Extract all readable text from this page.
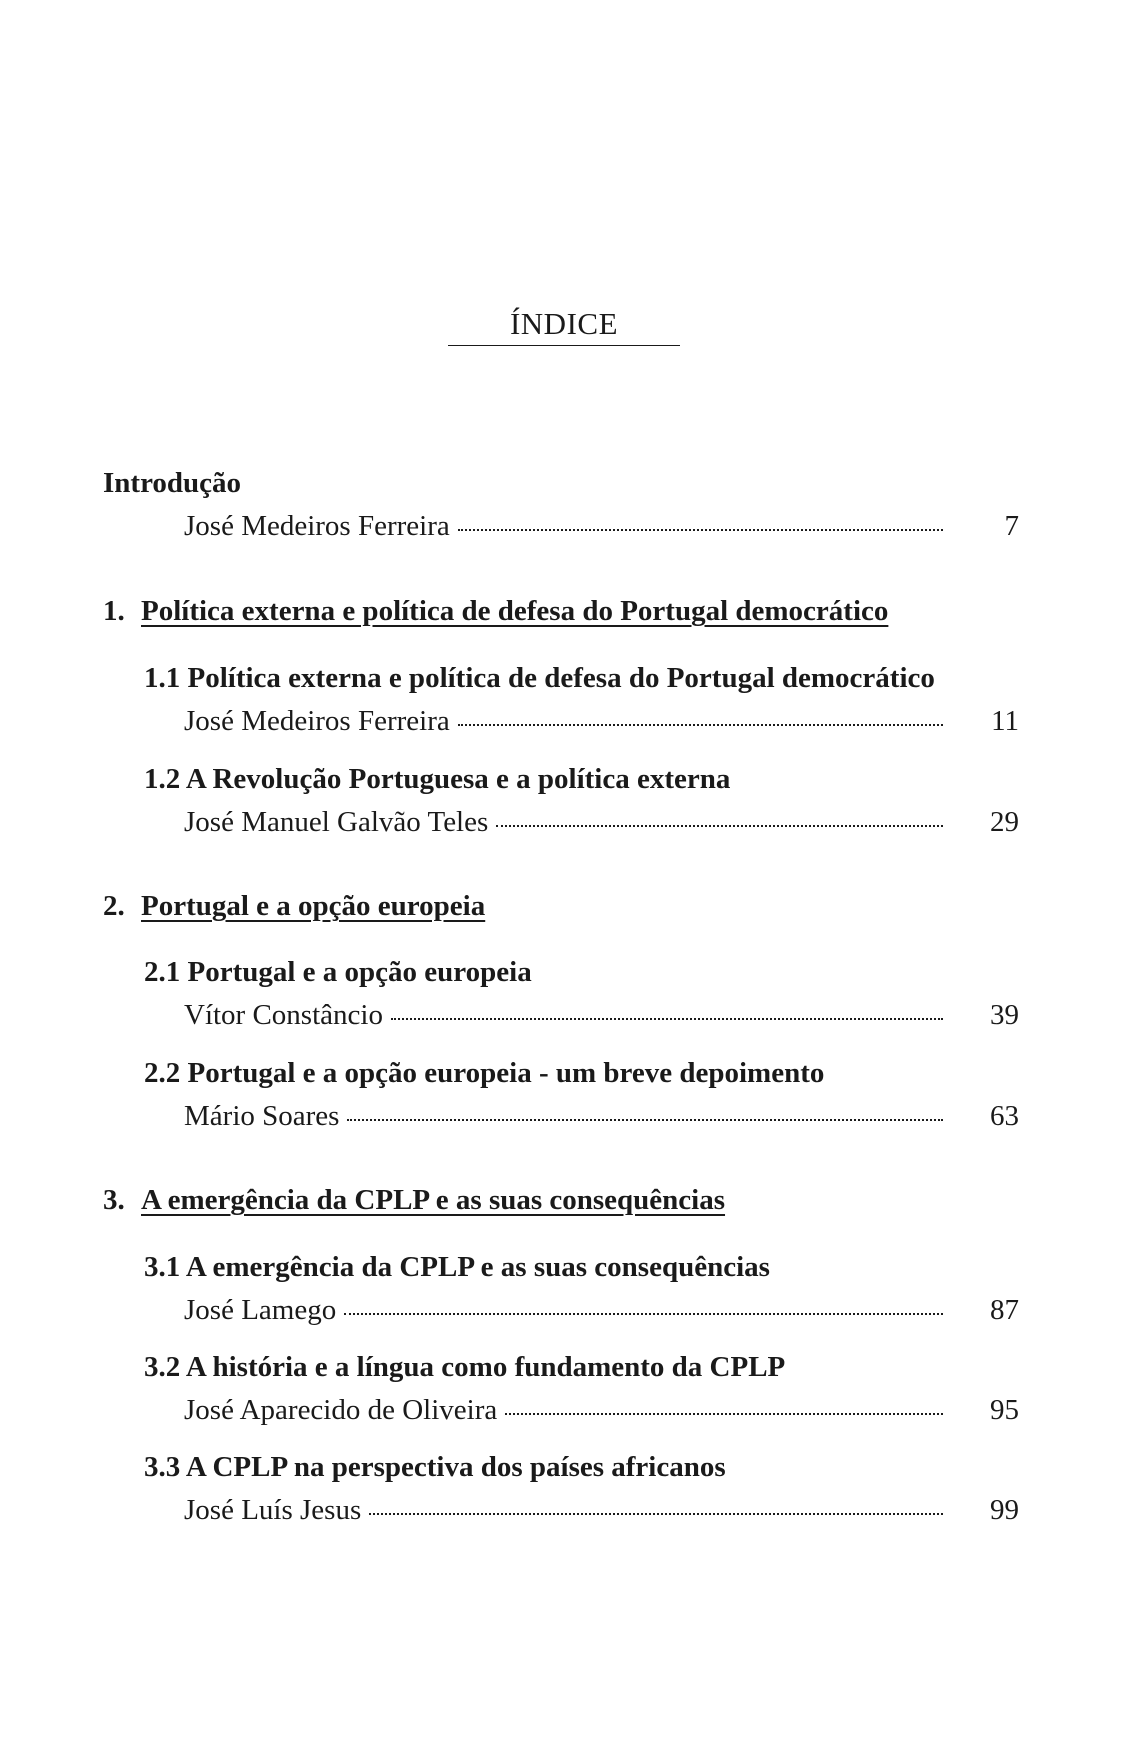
ÍNDICE
Introdução
José Medeiros Ferreira	7
1. Política externa e política de defesa do Portugal democrático
1.1 Política externa e política de defesa do Portugal democrático
José Medeiros Ferreira	11
1.2 A Revolução Portuguesa e a política externa
José Manuel Galvão Teles	29
2. Portugal e a opção europeia
2.1 Portugal e a opção europeia
Vítor Constâncio	39
2.2 Portugal e a opção europeia - um breve depoimento
Mário Soares	63
3. A emergência da CPLP e as suas consequências
3.1 A emergência da CPLP e as suas consequências
José Lamego	87
3.2 A história e a língua como fundamento da CPLP
José Aparecido de Oliveira	95
3.3 A CPLP na perspectiva dos países africanos
José Luís Jesus	99
